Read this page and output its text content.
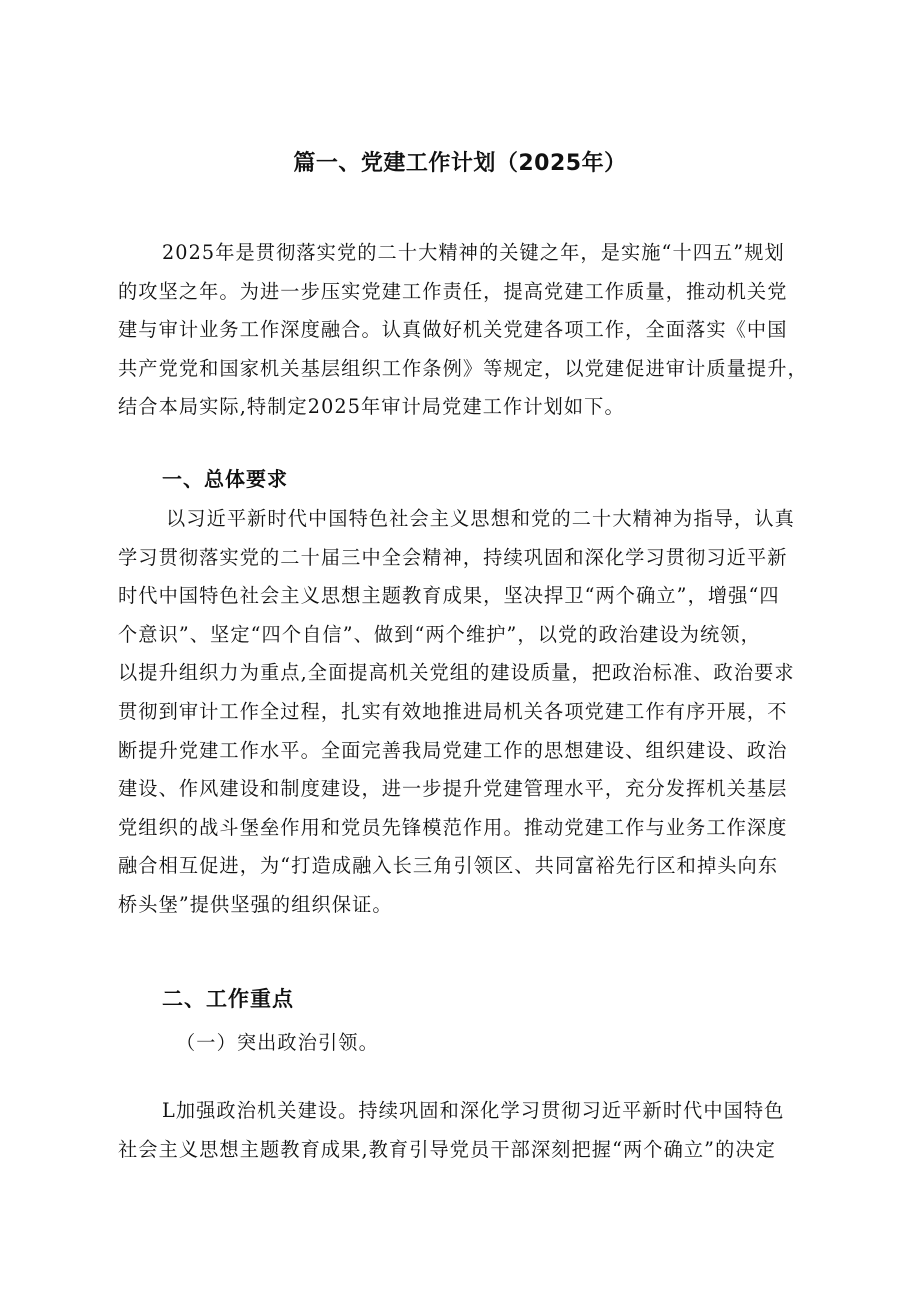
篇一、党建工作计划（2025年）
2025年是贯彻落实党的二十大精神的关键之年，是实施“十四五”规划
的攻坚之年。为进一步压实党建工作责任，提高党建工作质量，推动机关党
建与审计业务工作深度融合。认真做好机关党建各项工作，全面落实《中国
共产党党和国家机关基层组织工作条例》等规定，以党建促进审计质量提升，
结合本局实际,特制定2025年审计局党建工作计划如下。
一、总体要求
以习近平新时代中国特色社会主义思想和党的二十大精神为指导，认真
学习贯彻落实党的二十届三中全会精神，持续巩固和深化学习贯彻习近平新
时代中国特色社会主义思想主题教育成果，坚决捍卫“两个确立”，增强“四
个意识”、坚定“四个自信”、做到“两个维护”，以党的政治建设为统领，
以提升组织力为重点,全面提高机关党组的建设质量，把政治标准、政治要求
贯彻到审计工作全过程，扎实有效地推进局机关各项党建工作有序开展，不
断提升党建工作水平。全面完善我局党建工作的思想建设、组织建设、政治
建设、作风建设和制度建设，进一步提升党建管理水平，充分发挥机关基层
党组织的战斗堡垒作用和党员先锋模范作用。推动党建工作与业务工作深度
融合相互促进，为“打造成融入长三角引领区、共同富裕先行区和掉头向东
桥头堡”提供坚强的组织保证。
二、工作重点
（一）突出政治引领。
L加强政治机关建设。持续巩固和深化学习贯彻习近平新时代中国特色
社会主义思想主题教育成果,教育引导党员干部深刻把握“两个确立”的决定
